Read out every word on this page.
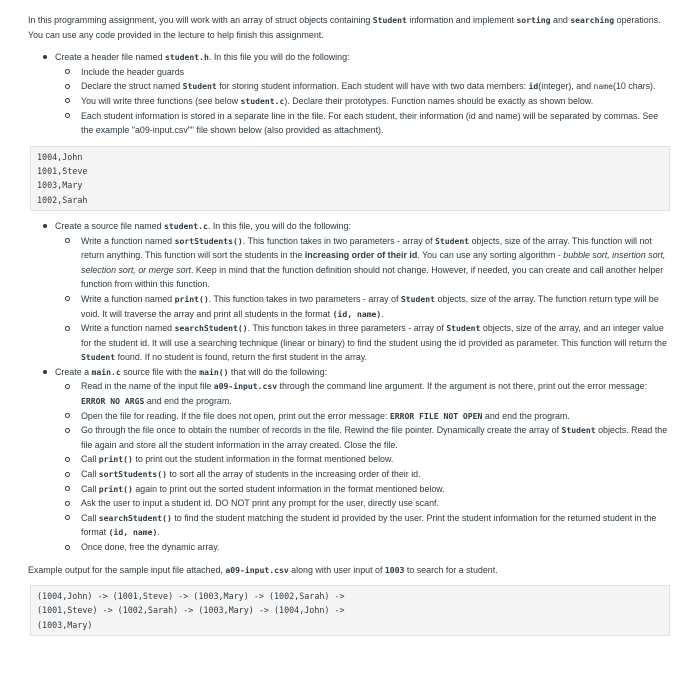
In this programming assignment, you will work with an array of struct objects containing Student information and implement sorting and searching operations. You can use any code provided in the lecture to help finish this assignment.

Create a header file named student.h. In this file you will do the following:
Include the header guards
Declare the struct named Student for storing student information. Each student will have with two data members: id(integer), and name(10 chars).
You will write three functions (see below student.c). Declare their prototypes. Function names should be exactly as shown below.
Each student information is stored in a separate line in the file. For each student, their information (id and name) will be separated by commas. See the example "a09-input.csv"" file shown below (also provided as attachment).
1004,John
1001,Steve
1003,Mary
1002,Sarah
Create a source file named student.c. In this file, you will do the following:
Write a function named sortStudents(). This function takes in two parameters - array of Student objects, size of the array. This function will not return anything. This function will sort the students in the increasing order of their id. You can use any sorting algorithm - bubble sort, insertion sort, selection sort, or merge sort. Keep in mind that the function definition should not change. However, if needed, you can create and call another helper function from within this function.
Write a function named print(). This function takes in two parameters - array of Student objects, size of the array. The function return type will be void. It will traverse the array and print all students in the format (id, name).
Write a function named searchStudent(). This function takes in three parameters - array of Student objects, size of the array, and an integer value for the student id. It will use a searching technique (linear or binary) to find the student using the id provided as parameter. This function will return the Student found. If no student is found, return the first student in the array.
Create a main.c source file with the main() that will do the following:
Read in the name of the input file a09-input.csv through the command line argument. If the argument is not there, print out the error message: ERROR NO ARGS and end the program.
Open the file for reading. If the file does not open, print out the error message: ERROR FILE NOT OPEN and end the program.
Go through the file once to obtain the number of records in the file. Rewind the file pointer. Dynamically create the array of Student objects. Read the file again and store all the student information in the array created. Close the file.
Call print() to print out the student information in the format mentioned below.
Call sortStudents() to sort all the array of students in the increasing order of their id.
Call print() again to print out the sorted student information in the format mentioned below.
Ask the user to input a student id. DO NOT print any prompt for the user, directly use scanf.
Call searchStudent() to find the student matching the student id provided by the user. Print the student information for the returned student in the format (id, name).
Once done, free the dynamic array.

Example output for the sample input file attached, a09-input.csv along with user input of 1003 to search for a student.

(1004,John) -> (1001,Steve) -> (1003,Mary) -> (1002,Sarah) ->
(1001,Steve) -> (1002,Sarah) -> (1003,Mary) -> (1004,John) ->
(1003,Mary)
